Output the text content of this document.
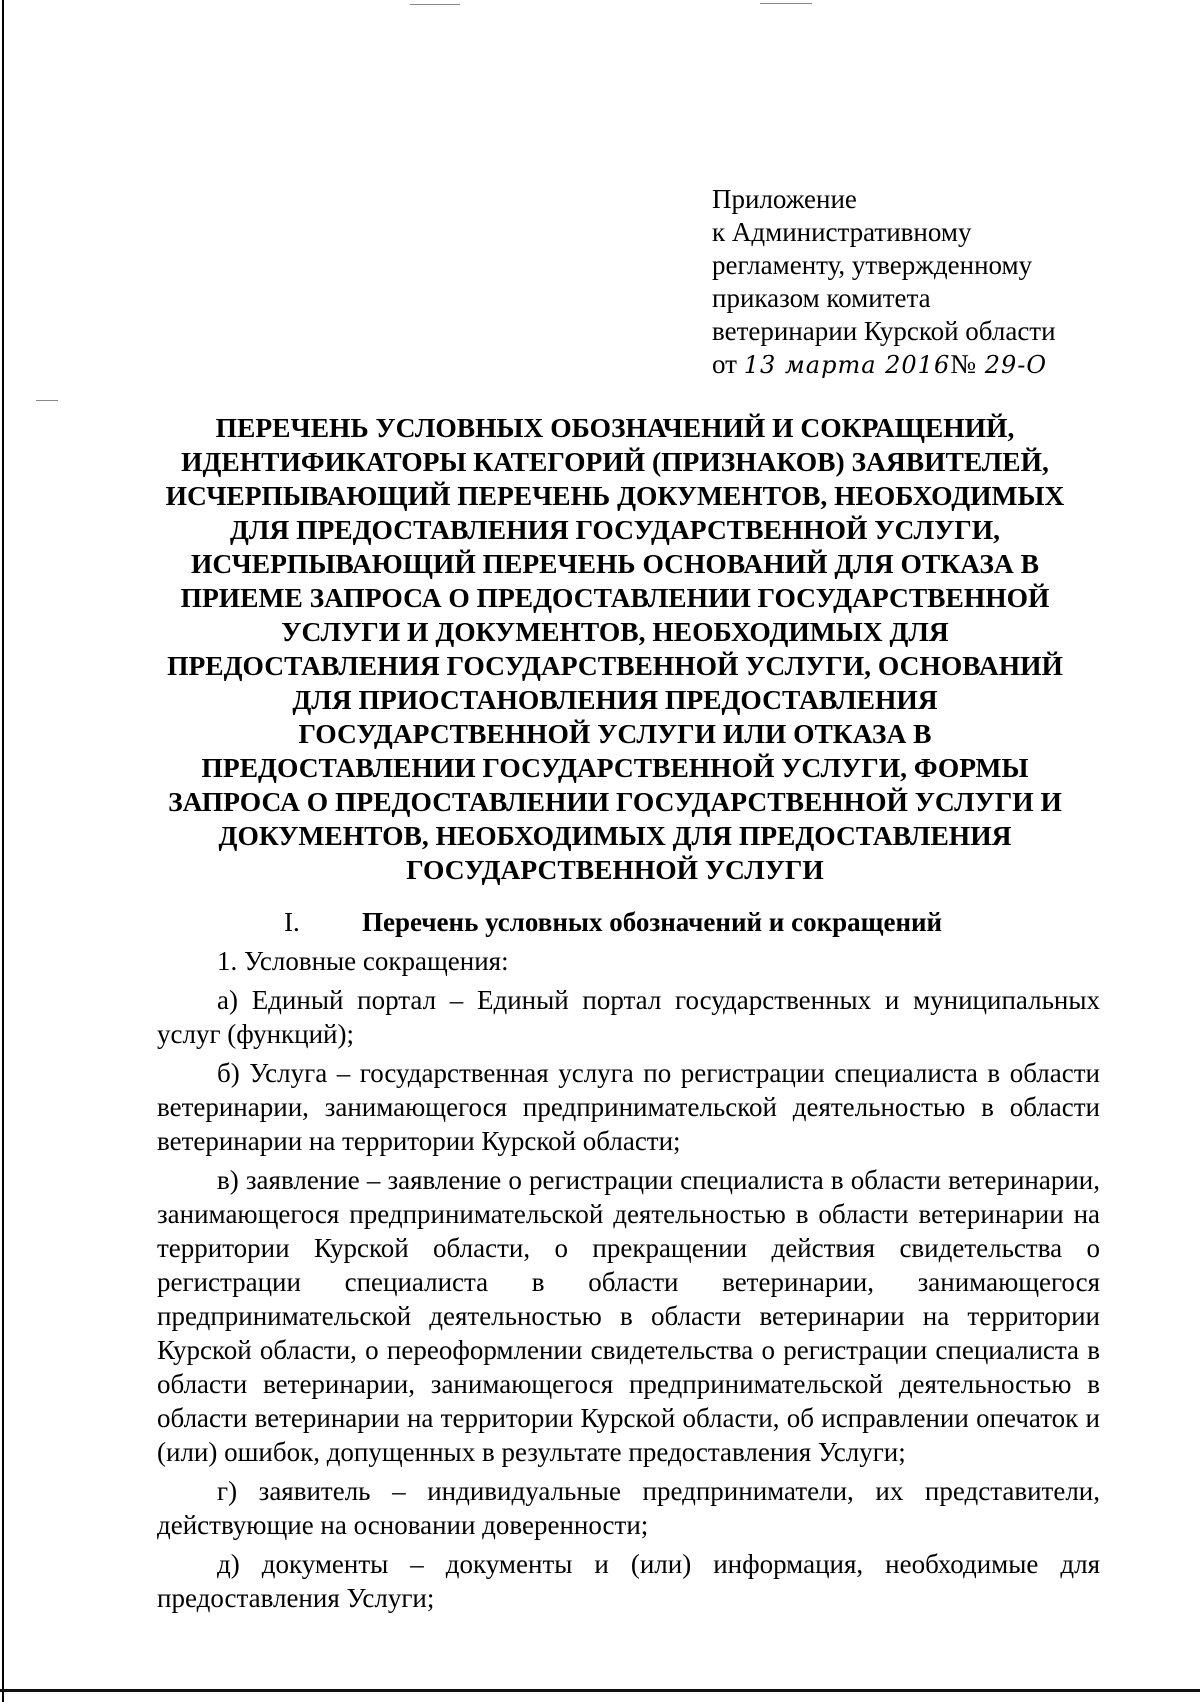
Приложение
к Административному
регламенту, утвержденному
приказом комитета
ветеринарии Курской области
от 13 марта 2016№ 29-О
ПЕРЕЧЕНЬ УСЛОВНЫХ ОБОЗНАЧЕНИЙ И СОКРАЩЕНИЙ,
ИДЕНТИФИКАТОРЫ КАТЕГОРИЙ (ПРИЗНАКОВ) ЗАЯВИТЕЛЕЙ,
ИСЧЕРПЫВАЮЩИЙ ПЕРЕЧЕНЬ ДОКУМЕНТОВ, НЕОБХОДИМЫХ
ДЛЯ ПРЕДОСТАВЛЕНИЯ ГОСУДАРСТВЕННОЙ УСЛУГИ,
ИСЧЕРПЫВАЮЩИЙ ПЕРЕЧЕНЬ ОСНОВАНИЙ ДЛЯ ОТКАЗА В
ПРИЕМЕ ЗАПРОСА О ПРЕДОСТАВЛЕНИИ ГОСУДАРСТВЕННОЙ
УСЛУГИ И ДОКУМЕНТОВ, НЕОБХОДИМЫХ ДЛЯ
ПРЕДОСТАВЛЕНИЯ ГОСУДАРСТВЕННОЙ УСЛУГИ, ОСНОВАНИЙ
ДЛЯ ПРИОСТАНОВЛЕНИЯ ПРЕДОСТАВЛЕНИЯ
ГОСУДАРСТВЕННОЙ УСЛУГИ ИЛИ ОТКАЗА В
ПРЕДОСТАВЛЕНИИ ГОСУДАРСТВЕННОЙ УСЛУГИ, ФОРМЫ
ЗАПРОСА О ПРЕДОСТАВЛЕНИИ ГОСУДАРСТВЕННОЙ УСЛУГИ И
ДОКУМЕНТОВ, НЕОБХОДИМЫХ ДЛЯ ПРЕДОСТАВЛЕНИЯ
ГОСУДАРСТВЕННОЙ УСЛУГИ
I. Перечень условных обозначений и сокращений

1. Условные сокращения:

а) Единый портал – Единый портал государственных и муниципальных услуг (функций);

б) Услуга – государственная услуга по регистрации специалиста в области ветеринарии, занимающегося предпринимательской деятельностью в области ветеринарии на территории Курской области;

в) заявление – заявление о регистрации специалиста в области ветеринарии, занимающегося предпринимательской деятельностью в области ветеринарии на территории Курской области, о прекращении действия свидетельства о регистрации специалиста в области ветеринарии, занимающегося предпринимательской деятельностью в области ветеринарии на территории Курской области, о переоформлении свидетельства о регистрации специалиста в области ветеринарии, занимающегося предпринимательской деятельностью в области ветеринарии на территории Курской области, об исправлении опечаток и (или) ошибок, допущенных в результате предоставления Услуги;

г) заявитель – индивидуальные предприниматели, их представители, действующие на основании доверенности;

д) документы – документы и (или) информация, необходимые для предоставления Услуги;
